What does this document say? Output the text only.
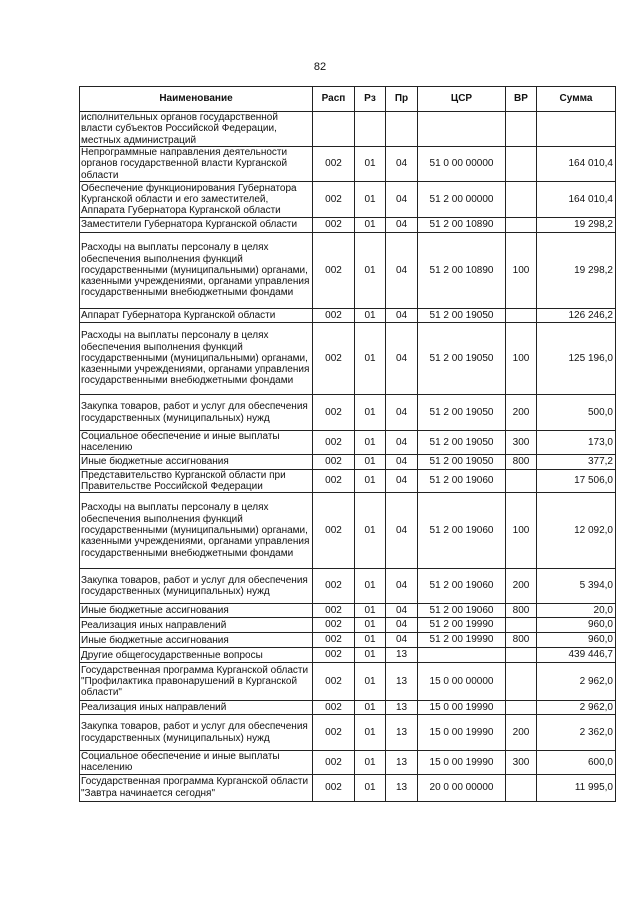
82
Наименование	Расп	Рз	Пр	ЦСР	ВР	Сумма
исполнительных органов государственной власти субъектов Российской Федерации, местных администраций						
Непрограммные направления деятельности органов государственной власти Курганской области	002	01	04	51 0 00 00000		164 010,4
Обеспечение функционирования Губернатора Курганской области и его заместителей, Аппарата Губернатора Курганской области	002	01	04	51 2 00 00000		164 010,4
Заместители Губернатора Курганской области	002	01	04	51 2 00 10890		19 298,2
Расходы на выплаты персоналу в целях обеспечения выполнения функций государственными (муниципальными) органами, казенными учреждениями, органами управления государственными внебюджетными фондами	002	01	04	51 2 00 10890	100	19 298,2
Аппарат Губернатора Курганской области	002	01	04	51 2 00 19050		126 246,2
Расходы на выплаты персоналу в целях обеспечения выполнения функций государственными (муниципальными) органами, казенными учреждениями, органами управления государственными внебюджетными фондами	002	01	04	51 2 00 19050	100	125 196,0
Закупка товаров, работ и услуг для обеспечения государственных (муниципальных) нужд	002	01	04	51 2 00 19050	200	500,0
Социальное обеспечение и иные выплаты населению	002	01	04	51 2 00 19050	300	173,0
Иные бюджетные ассигнования	002	01	04	51 2 00 19050	800	377,2
Представительство Курганской области при Правительстве Российской Федерации	002	01	04	51 2 00 19060		17 506,0
Расходы на выплаты персоналу в целях обеспечения выполнения функций государственными (муниципальными) органами, казенными учреждениями, органами управления государственными внебюджетными фондами	002	01	04	51 2 00 19060	100	12 092,0
Закупка товаров, работ и услуг для обеспечения государственных (муниципальных) нужд	002	01	04	51 2 00 19060	200	5 394,0
Иные бюджетные ассигнования	002	01	04	51 2 00 19060	800	20,0
Реализация иных направлений	002	01	04	51 2 00 19990		960,0
Иные бюджетные ассигнования	002	01	04	51 2 00 19990	800	960,0
Другие общегосударственные вопросы	002	01	13			439 446,7
Государственная программа Курганской области "Профилактика правонарушений в Курганской области"	002	01	13	15 0 00 00000		2 962,0
Реализация иных направлений	002	01	13	15 0 00 19990		2 962,0
Закупка товаров, работ и услуг для обеспечения государственных (муниципальных) нужд	002	01	13	15 0 00 19990	200	2 362,0
Социальное обеспечение и иные выплаты населению	002	01	13	15 0 00 19990	300	600,0
Государственная программа Курганской области "Завтра начинается сегодня"	002	01	13	20 0 00 00000		11 995,0
